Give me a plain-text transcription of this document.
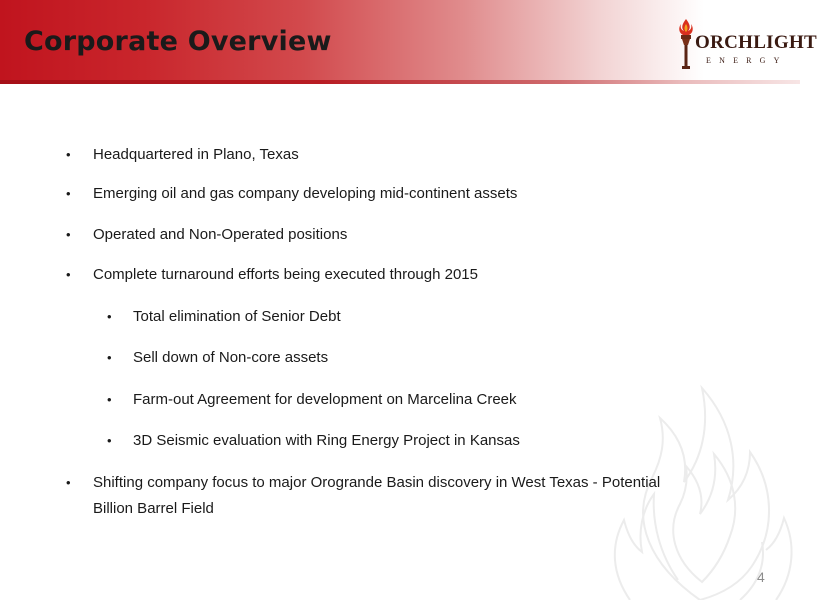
Corporate Overview	ORCHLIGHT
ENERGY
• Headquartered in Plano, Texas
• Emerging oil and gas company developing mid-continent assets
• Operated and Non-Operated positions
• Complete turnaround efforts being executed through 2015
• Total elimination of Senior Debt
• Sell down of Non-core assets
• Farm-out Agreement for development on Marcelina Creek
• 3D Seismic evaluation with Ring Energy Project in Kansas
• Shifting company focus to major Orogrande Basin discovery in West Texas - Potential
Billion Barrel Field
4
